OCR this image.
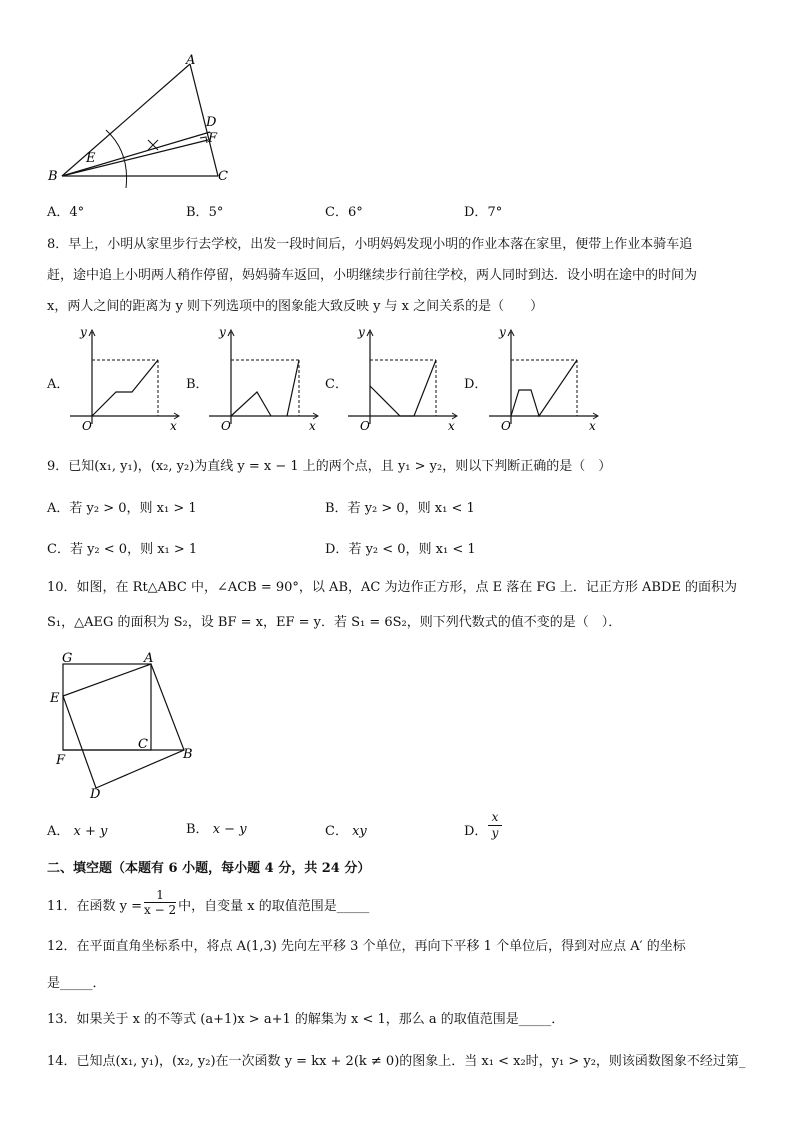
A
B	C
D
F
E
A．4°	B．5°	C．6°	D．7°
8．早上，小明从家里步行去学校，出发一段时间后，小明妈妈发现小明的作业本落在家里，便带上作业本骑车追
赶，途中追上小明两人稍作停留，妈妈骑车返回，小明继续步行前往学校，两人同时到达．设小明在途中的时间为
x，两人之间的距离为 y 则下列选项中的图象能大致反映 y 与 x 之间关系的是（　　）
A．
y
x
O
B．
y
x
O
C．
y
x
O
D．
y
x
O
9．已知(x₁, y₁)，(x₂, y₂)为直线 y = x − 1 上的两个点，且 y₁ > y₂，则以下判断正确的是（　）
A．若 y₂ > 0，则 x₁ > 1	B．若 y₂ > 0，则 x₁ < 1
C．若 y₂ < 0，则 x₁ > 1	D．若 y₂ < 0，则 x₁ < 1
10．如图，在 Rt△ABC 中，∠ACB = 90°，以 AB，AC 为边作正方形，点 E 落在 FG 上．记正方形 ABDE 的面积为
S₁，△AEG 的面积为 S₂，设 BF = x，EF = y．若 S₁ = 6S₂，则下列代数式的值不变的是（　）．
G	A
E
C
B
F
D
A． x + y	B． x − y	C． xy	D．
x
y
二、填空题（本题有 6 小题，每小题 4 分，共 24 分）
11．在函数 $y = \frac{1}{x - 2}$ 中，自变量 x 的取值范围是_____
12．在平面直角坐标系中，将点 A(1,3) 先向左平移 3 个单位，再向下平移 1 个单位后，得到对应点 A′ 的坐标
是_____．
13．如果关于 x 的不等式 (a+1)x > a+1 的解集为 x < 1，那么 a 的取值范围是_____．
14．已知点(x₁, y₁)，(x₂, y₂)在一次函数 y = kx + 2(k ≠ 0)的图象上．当 x₁ < x₂时，y₁ > y₂，则该函数图象不经过第_
